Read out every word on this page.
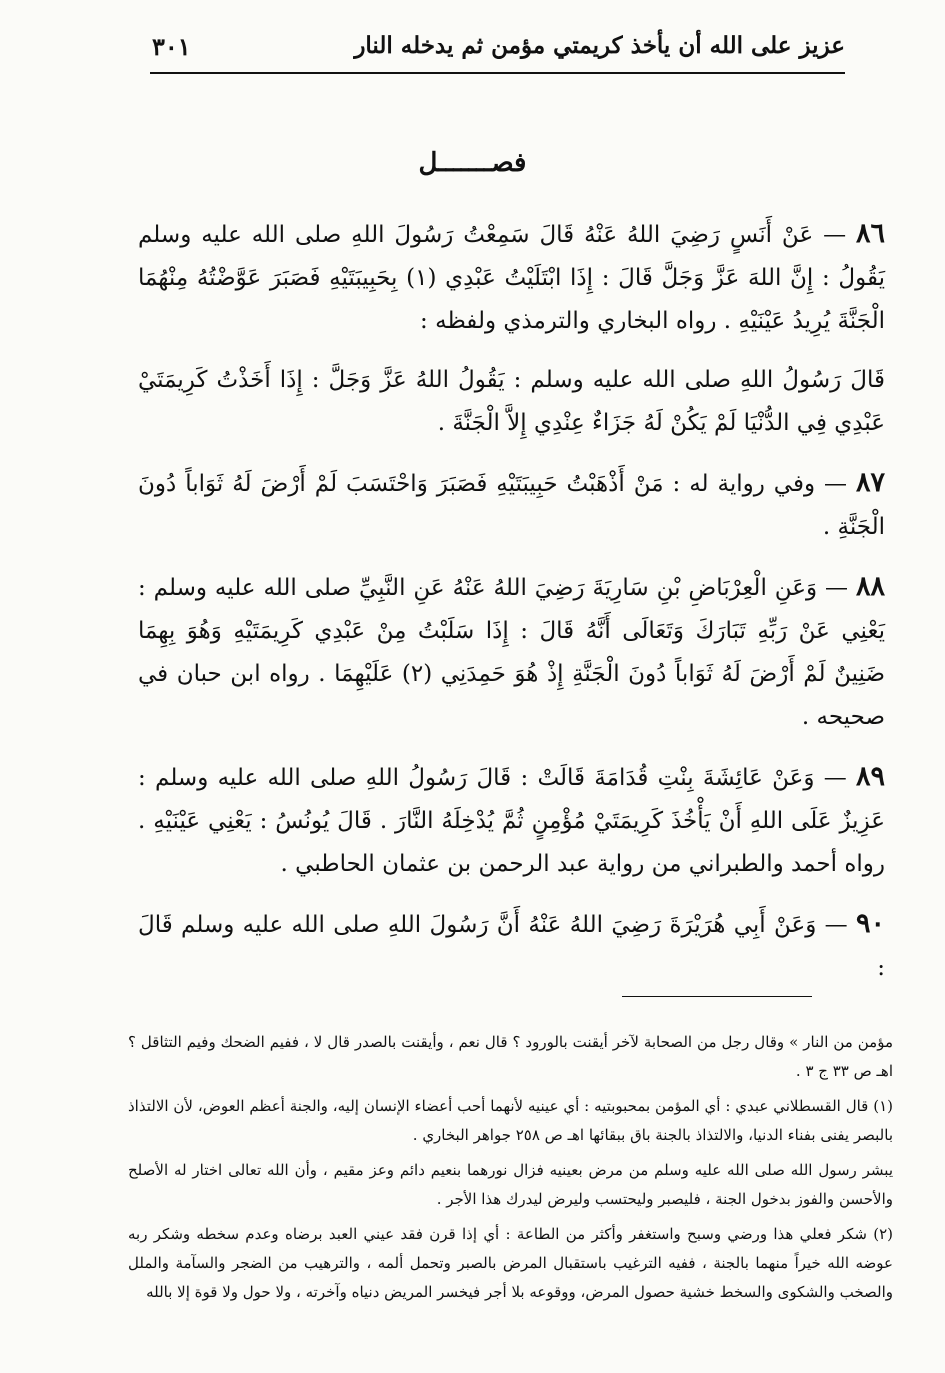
عزيز على الله أن يأخذ كريمتي مؤمن ثم يدخله النار
٣٠١
فصـــــــل

٨٦ — عَنْ أَنَسٍ رَضِيَ اللهُ عَنْهُ قَالَ سَمِعْتُ رَسُولَ اللهِ صلى الله عليه وسلم يَقُولُ : إِنَّ اللهَ عَزَّ وَجَلَّ قَالَ : إِذَا ابْتَلَيْتُ عَبْدِي (١) بِحَبِيبَتَيْهِ فَصَبَرَ عَوَّضْتُهُ مِنْهُمَا الْجَنَّةَ يُرِيدُ عَيْنَيْهِ . رواه البخاري والترمذي ولفظه :

قَالَ رَسُولُ اللهِ صلى الله عليه وسلم : يَقُولُ اللهُ عَزَّ وَجَلَّ : إِذَا أَخَذْتُ كَرِيمَتَيْ عَبْدِي فِي الدُّنْيَا لَمْ يَكُنْ لَهُ جَزَاءٌ عِنْدِي إِلاَّ الْجَنَّةَ .

٨٧ — وفي رواية له : مَنْ أَذْهَبْتُ حَبِيبَتَيْهِ فَصَبَرَ وَاحْتَسَبَ لَمْ أَرْضَ لَهُ ثَوَاباً دُونَ الْجَنَّةِ .

٨٨ — وَعَنِ الْعِرْبَاضِ بْنِ سَارِيَةَ رَضِيَ اللهُ عَنْهُ عَنِ النَّبِيِّ صلى الله عليه وسلم : يَعْنِي عَنْ رَبِّهِ تَبَارَكَ وَتَعَالَى أَنَّهُ قَالَ : إِذَا سَلَبْتُ مِنْ عَبْدِي كَرِيمَتَيْهِ وَهُوَ بِهِمَا ضَنِينٌ لَمْ أَرْضَ لَهُ ثَوَاباً دُونَ الْجَنَّةِ إِذْ هُوَ حَمِدَنِي (٢) عَلَيْهِمَا . رواه ابن حبان في صحيحه .

٨٩ — وَعَنْ عَائِشَةَ بِنْتِ قُدَامَةَ قَالَتْ : قَالَ رَسُولُ اللهِ صلى الله عليه وسلم : عَزِيزٌ عَلَى اللهِ أَنْ يَأْخُذَ كَرِيمَتَيْ مُؤْمِنٍ ثُمَّ يُدْخِلَهُ النَّارَ . قَالَ يُونُسُ : يَعْنِي عَيْنَيْهِ . رواه أحمد والطبراني من رواية عبد الرحمن بن عثمان الحاطبي .

٩٠ — وَعَنْ أَبِي هُرَيْرَةَ رَضِيَ اللهُ عَنْهُ أَنَّ رَسُولَ اللهِ صلى الله عليه وسلم قَالَ :

مؤمن من النار » وقال رجل من الصحابة لآخر أيقنت بالورود ؟ قال نعم ، وأيقنت بالصدر قال لا ، ففيم الضحك وفيم التثاقل ؟ اهـ ص ٣٣ ج ٣ .

(١) قال القسطلاني عبدي : أي المؤمن بمحبوبتيه : أي عينيه لأنهما أحب أعضاء الإنسان إليه، والجنة أعظم العوض، لأن الالتذاذ بالبصر يفنى بفناء الدنيا، والالتذاذ بالجنة باق ببقائها اهـ ص ٢٥٨ جواهر البخاري .

يبشر رسول الله صلى الله عليه وسلم من مرض بعينيه فزال نورهما بنعيم دائم وعز مقيم ، وأن الله تعالى اختار له الأصلح والأحسن والفوز بدخول الجنة ، فليصبر وليحتسب وليرض ليدرك هذا الأجر .

(٢) شكر فعلي هذا ورضي وسبح واستغفر وأكثر من الطاعة : أي إذا قرن فقد عيني العبد برضاه وعدم سخطه وشكر ربه عوضه الله خيراً منهما بالجنة ، ففيه الترغيب باستقبال المرض بالصبر وتحمل ألمه ، والترهيب من الضجر والسآمة والملل والصخب والشكوى والسخط خشية حصول المرض، ووقوعه بلا أجر فيخسر المريض دنياه وآخرته ، ولا حول ولا قوة إلا بالله
